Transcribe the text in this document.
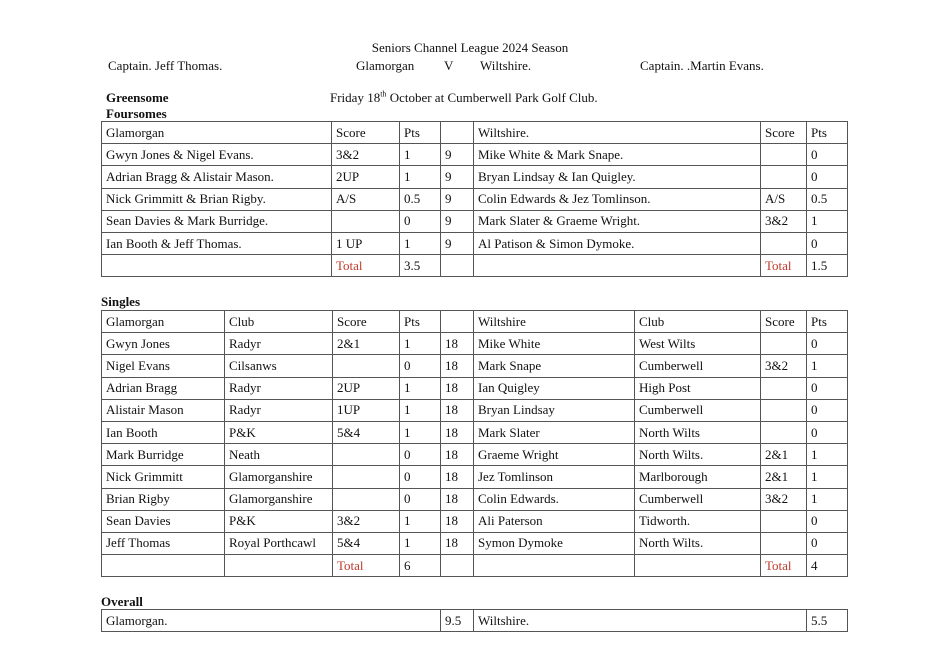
Seniors Channel League 2024 Season
Captain. Jeff Thomas.	Glamorgan V Wiltshire.	Captain. .Martin Evans.
Greensome
Foursomes
Friday 18th October at Cumberwell Park Golf Club.
Glamorgan	Score	Pts		Wiltshire.	Score	Pts
Gwyn Jones & Nigel Evans.	3&2	1	9	Mike White & Mark Snape.		0
Adrian Bragg & Alistair Mason.	2UP	1	9	Bryan Lindsay & Ian Quigley.		0
Nick Grimmitt & Brian Rigby.	A/S	0.5	9	Colin Edwards & Jez Tomlinson.	A/S	0.5
Sean Davies & Mark Burridge.		0	9	Mark Slater & Graeme Wright.	3&2	1
Ian Booth & Jeff Thomas.	1 UP	1	9	Al Patison & Simon Dymoke.		0
	Total	3.5			Total	1.5
Singles
Glamorgan	Club	Score	Pts		Wiltshire	Club	Score	Pts
Gwyn Jones	Radyr	2&1	1	18	Mike White	West Wilts		0
Nigel Evans	Cilsanws		0	18	Mark Snape	Cumberwell	3&2	1
Adrian Bragg	Radyr	2UP	1	18	Ian Quigley	High Post		0
Alistair Mason	Radyr	1UP	1	18	Bryan Lindsay	Cumberwell		0
Ian Booth	P&K	5&4	1	18	Mark Slater	North Wilts		0
Mark Burridge	Neath		0	18	Graeme Wright	North Wilts.	2&1	1
Nick Grimmitt	Glamorganshire		0	18	Jez Tomlinson	Marlborough	2&1	1
Brian Rigby	Glamorganshire		0	18	Colin Edwards.	Cumberwell	3&2	1
Sean Davies	P&K	3&2	1	18	Ali Paterson	Tidworth.		0
Jeff Thomas	Royal Porthcawl	5&4	1	18	Symon Dymoke	North Wilts.		0
		Total	6				Total	4
Overall
Glamorgan.	9.5	Wiltshire.	5.5
